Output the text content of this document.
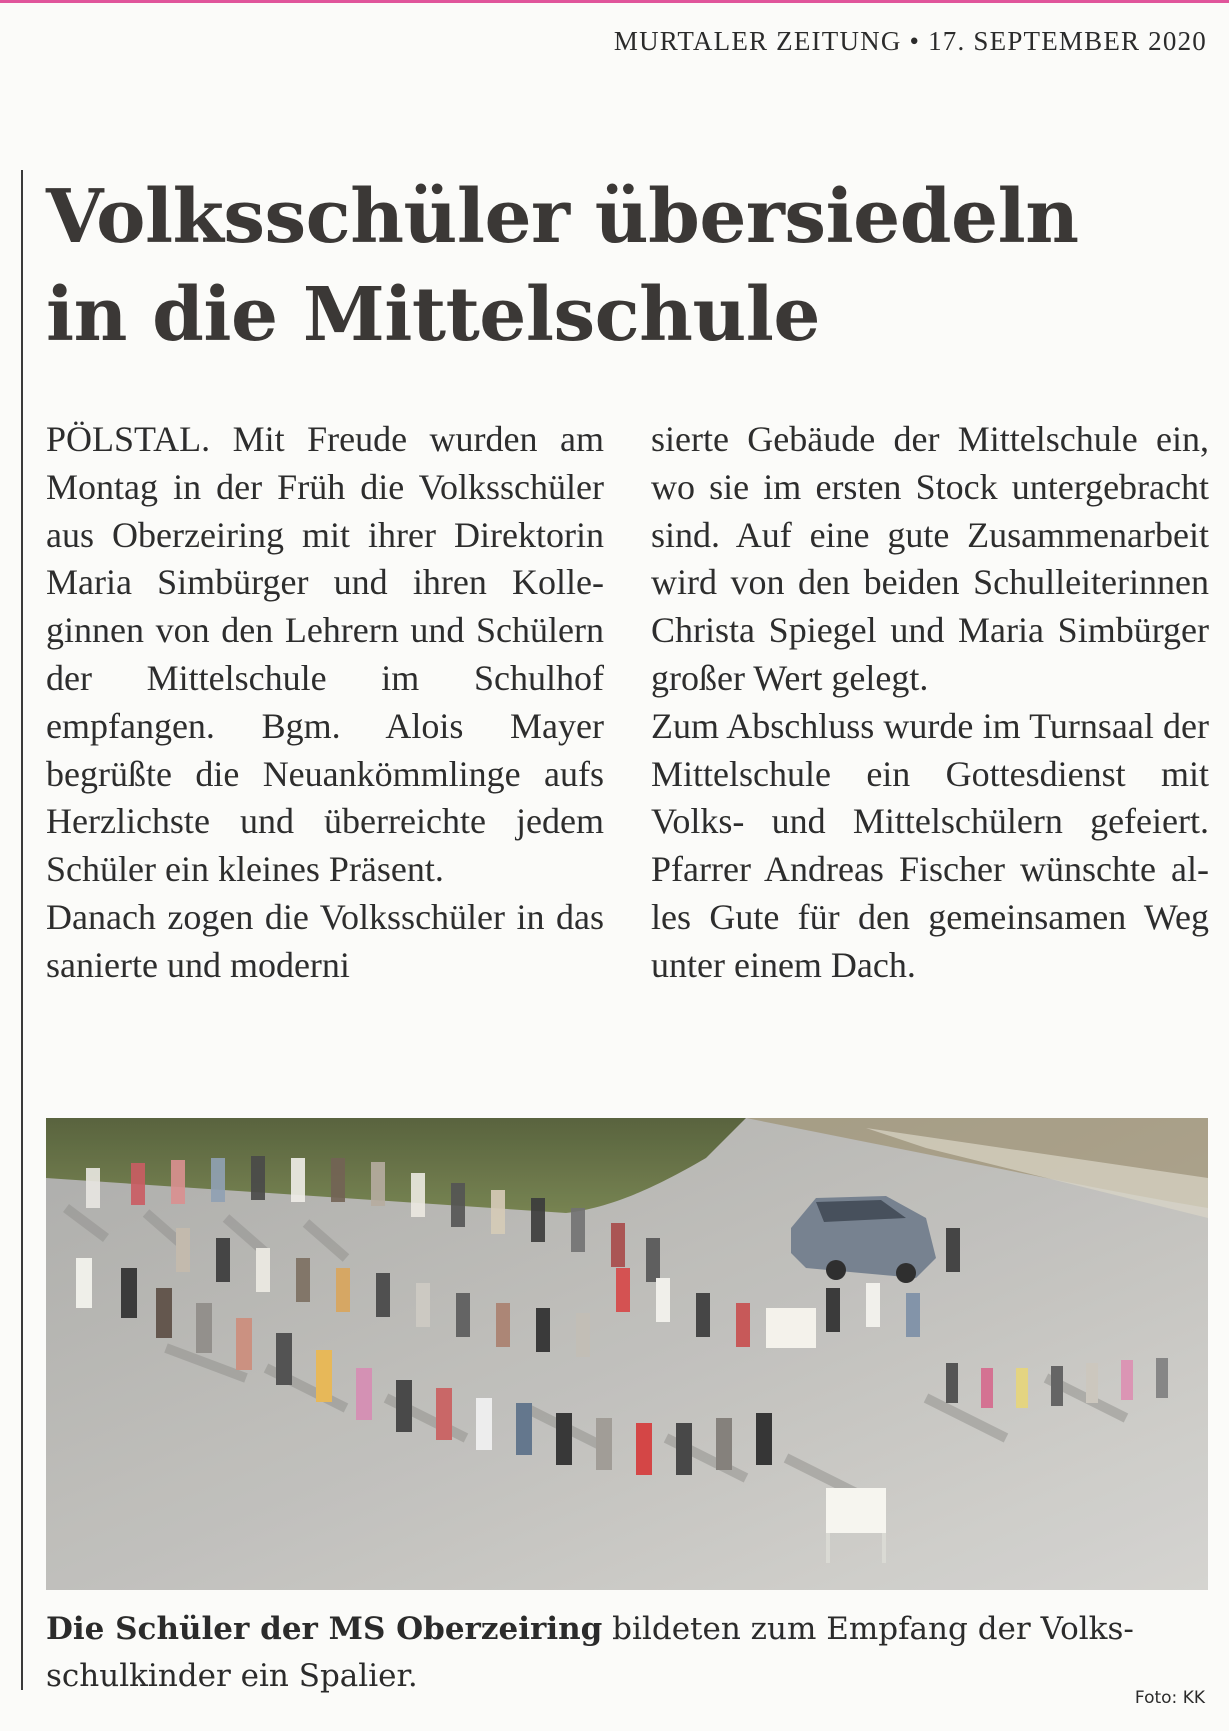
MURTALER ZEITUNG • 17. SEPTEMBER 2020
Volksschüler übersiedeln
in die Mittelschule

PÖLSTAL. Mit Freude wurden am Montag in der Früh die Volksschüler aus Oberzeiring mit ihrer Direktorin Maria Simbürger und ihren Kolleginnen von den Lehrern und Schülern der Mittelschule im Schulhof empfangen. Bgm. Alois Mayer begrüßte die Neuankömmlinge aufs Herzlichste und überreichte jedem Schüler ein kleines Präsent.

Danach zogen die Volksschüler in das sanierte und moderni

sierte Gebäude der Mittelschule ein, wo sie im ersten Stock untergebracht sind. Auf eine gute Zusammenarbeit wird von den beiden Schulleiterinnen Christa Spiegel und Maria Simbürger großer Wert gelegt.

Zum Abschluss wurde im Turnsaal der Mittelschule ein Gottesdienst mit Volks- und Mittelschülern gefeiert. Pfarrer Andreas Fischer wünschte alles Gute für den gemeinsamen Weg unter einem Dach.

Die Schüler der MS Oberzeiring bildeten zum Empfang der Volksschulkinder ein Spalier.

Foto: KK
